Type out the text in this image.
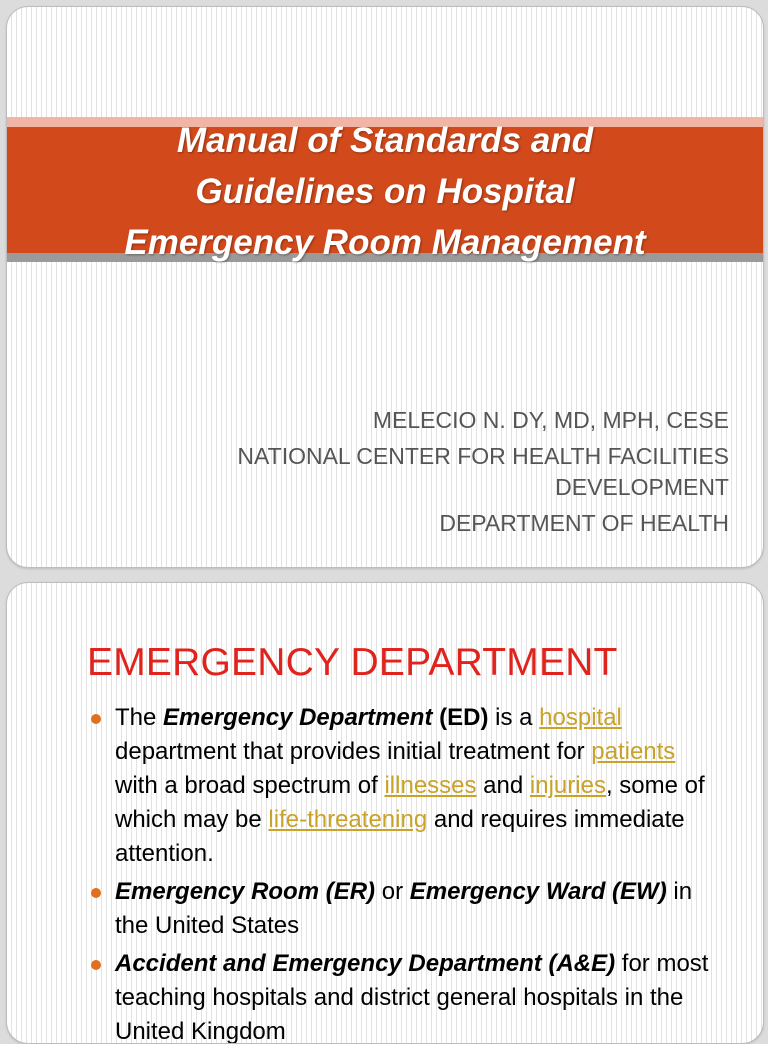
Manual of Standards and
Guidelines on Hospital
Emergency Room Management
MELECIO N. DY, MD, MPH, CESE
NATIONAL CENTER FOR HEALTH FACILITIES
DEVELOPMENT
DEPARTMENT OF HEALTH
EMERGENCY DEPARTMENT
The Emergency Department (ED) is a hospital department that provides initial treatment for patients with a broad spectrum of illnesses and injuries, some of which may be life-threatening and requires immediate attention.
Emergency Room (ER) or Emergency Ward (EW) in the United States
Accident and Emergency Department (A&E) for most teaching hospitals and district general hospitals in the United Kingdom
